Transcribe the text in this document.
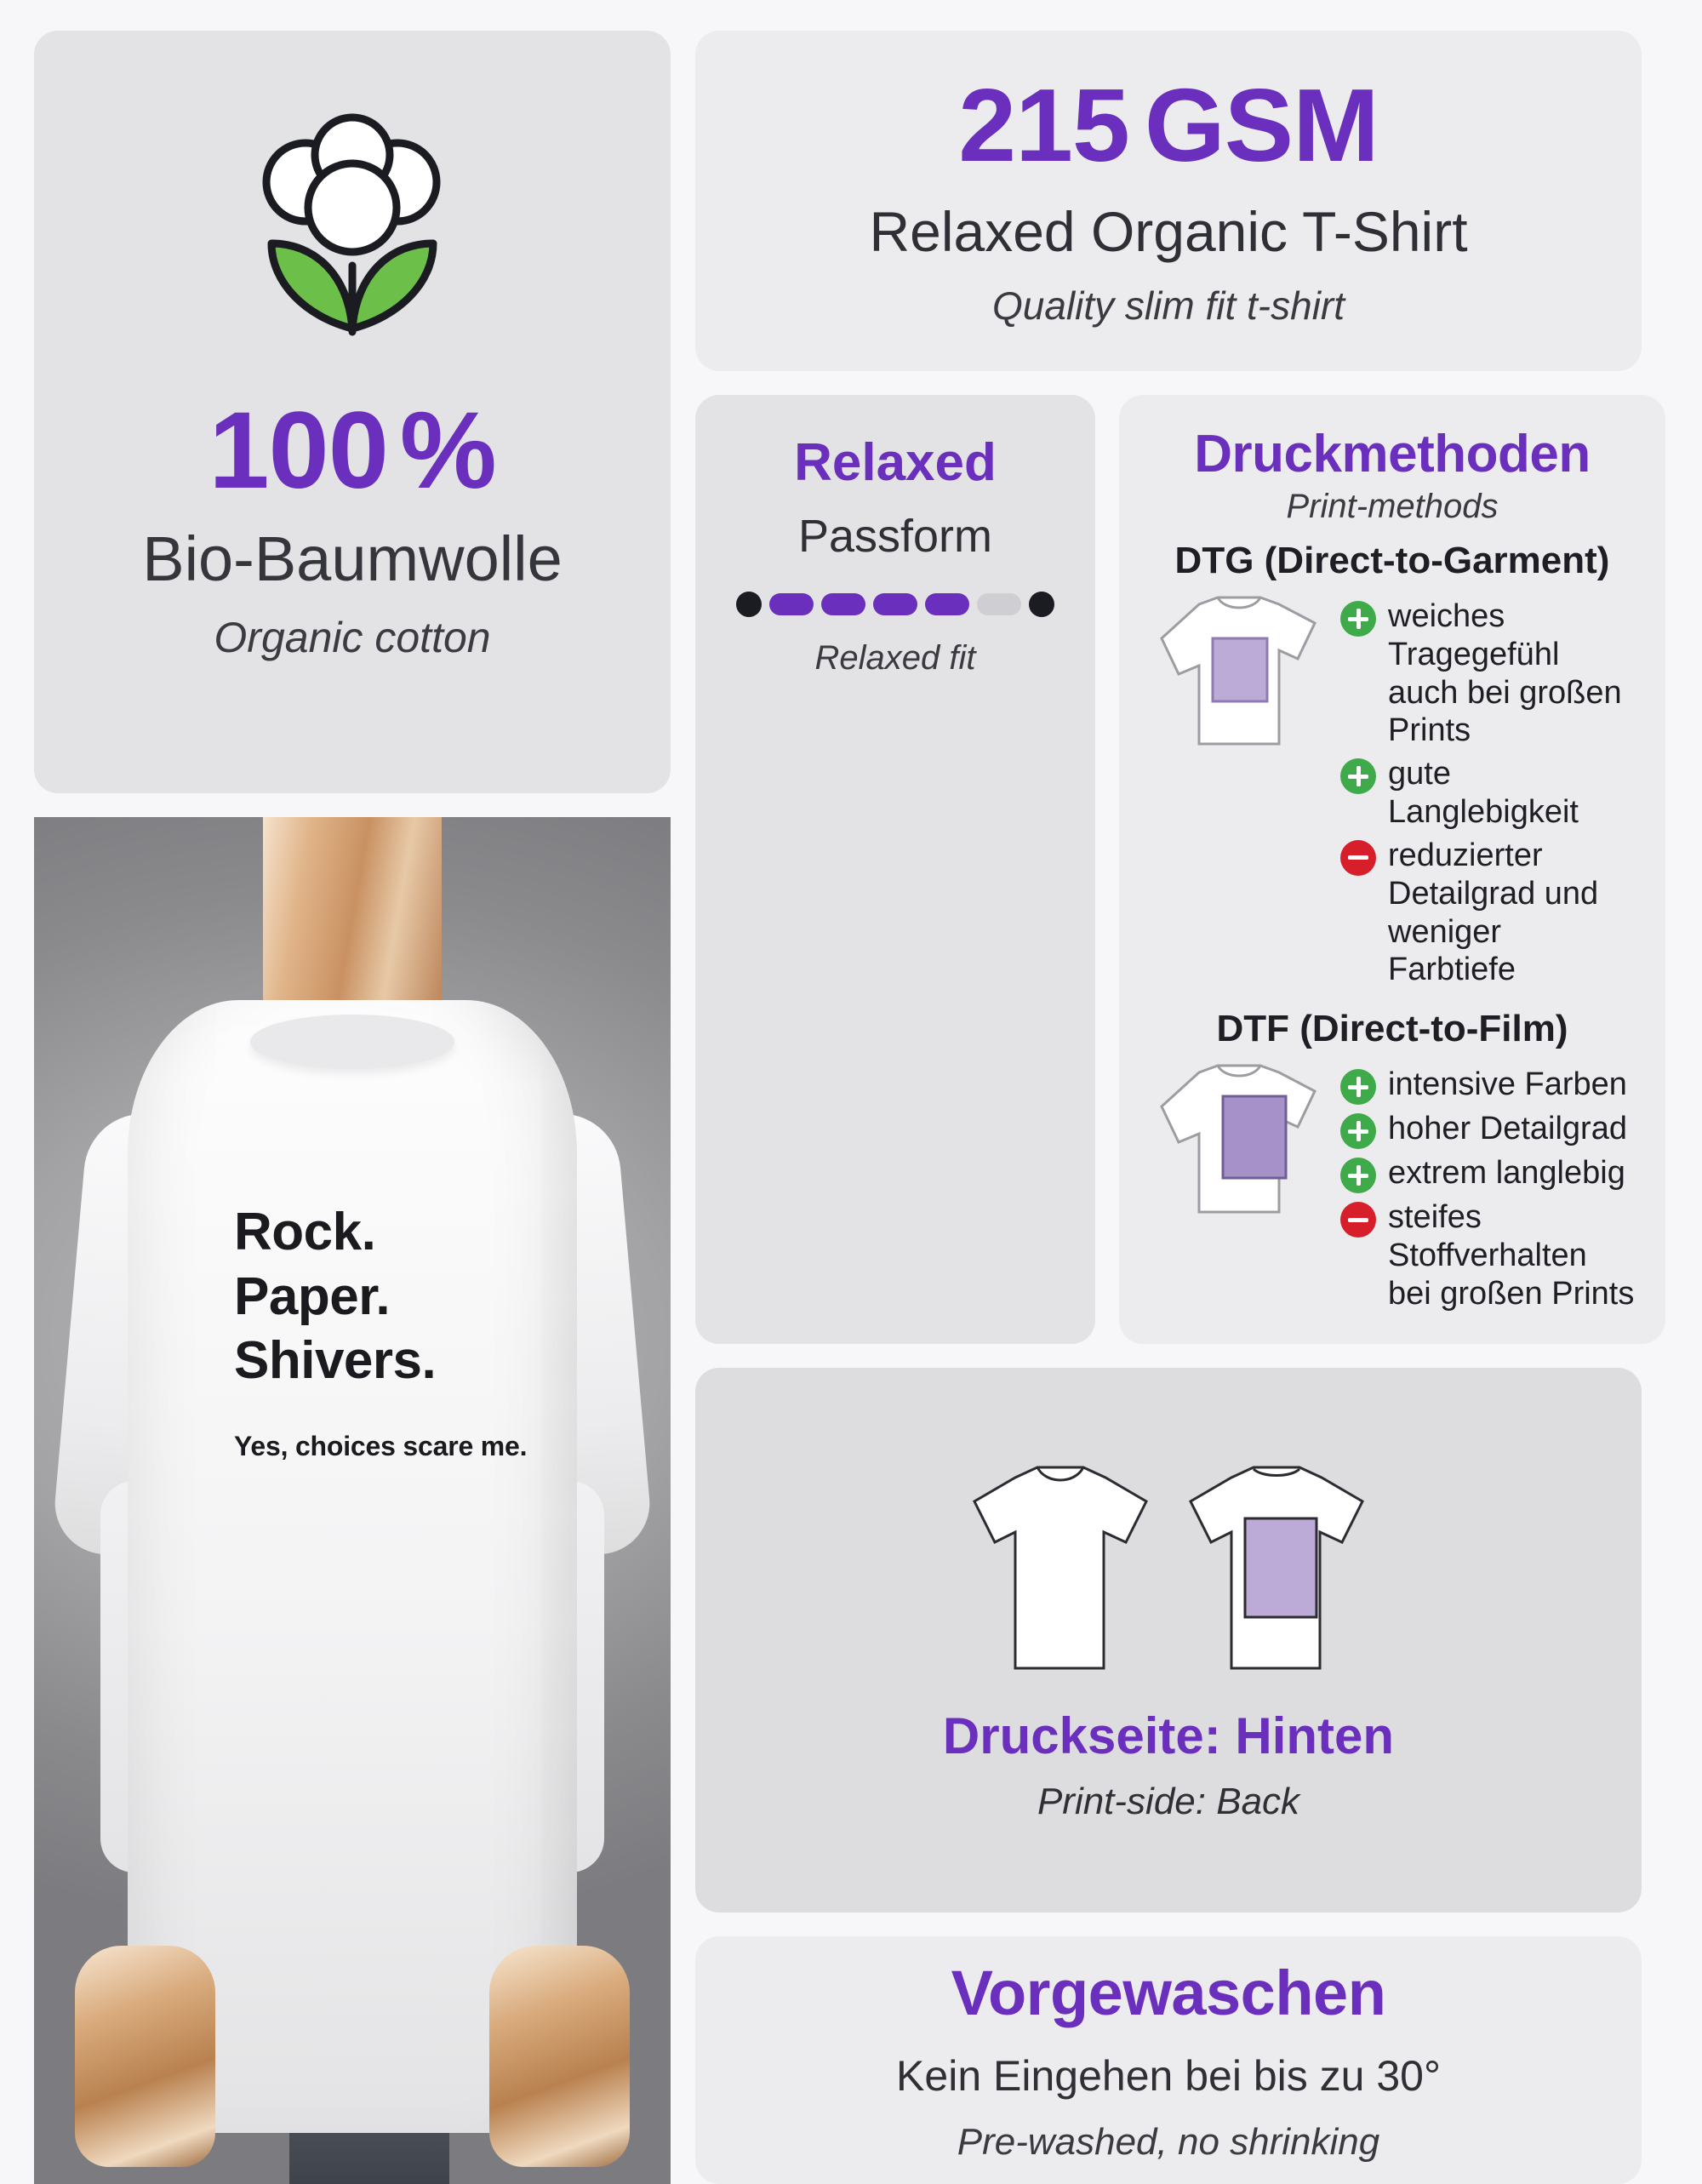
100 %
Bio-Baumwolle
Organic cotton
Rock.
Paper.
Shivers.
Yes, choices scare me.
215 GSM
Relaxed Organic T-Shirt
Quality slim fit t-shirt
Relaxed
Passform
Relaxed fit
Druckmethoden
Print-methods
DTG (Direct-to-Garment)
weiches Tragegefühl auch bei großen Prints
gute Langlebigkeit
reduzierter Detailgrad und weniger Farbtiefe
DTF (Direct-to-Film)
intensive Farben
hoher Detailgrad
extrem langlebig
steifes Stoffverhalten bei großen Prints
Druckseite: Hinten
Print-side: Back
Vorgewaschen
Kein Eingehen bei bis zu 30°
Pre-washed, no shrinking
